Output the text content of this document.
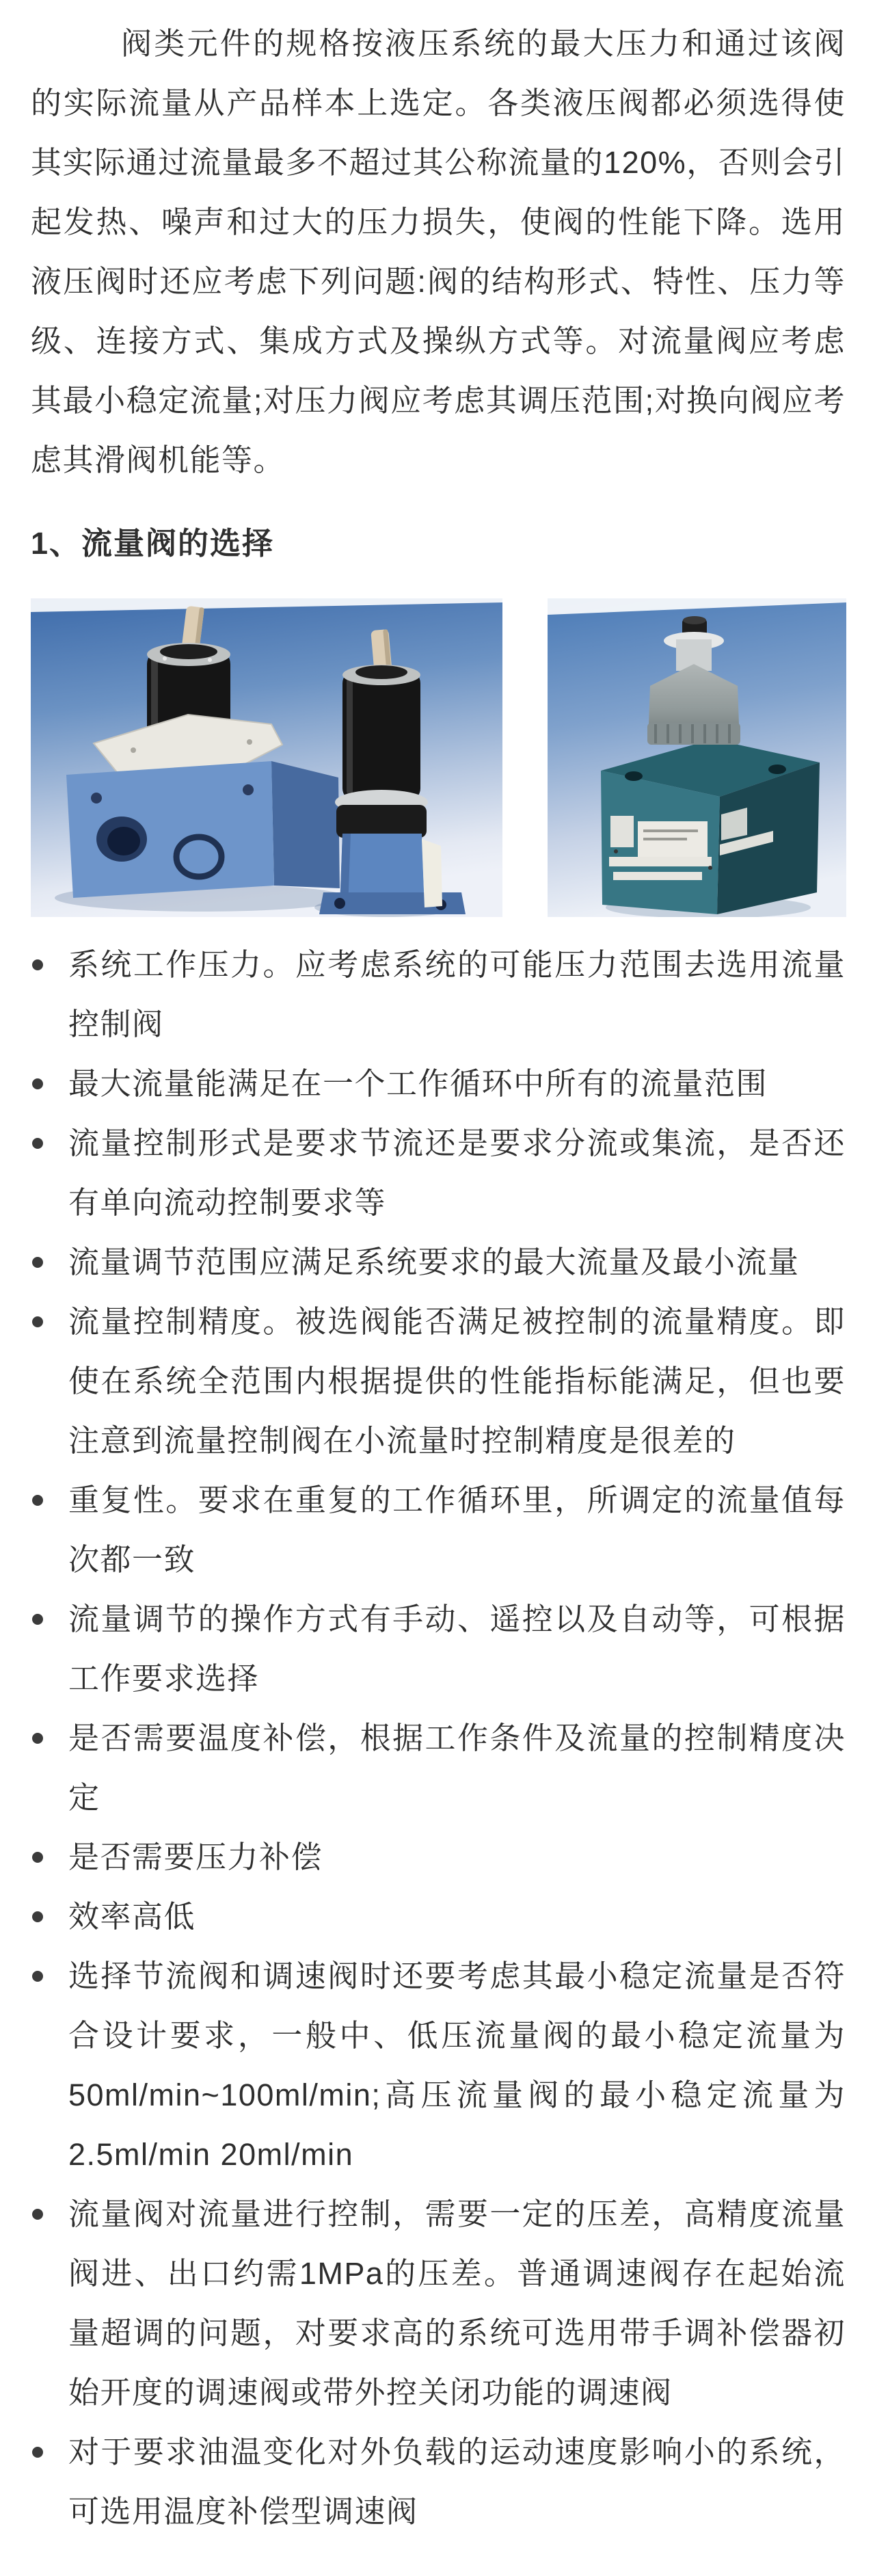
阀类元件的规格按液压系统的最大压力和通过该阀的实际流量从产品样本上选定。各类液压阀都必须选得使其实际通过流量最多不超过其公称流量的120%，否则会引起发热、噪声和过大的压力损失，使阀的性能下降。选用液压阀时还应考虑下列问题:阀的结构形式、特性、压力等级、连接方式、集成方式及操纵方式等。对流量阀应考虑其最小稳定流量;对压力阀应考虑其调压范围;对换向阀应考虑其滑阀机能等。

1、流量阀的选择
系统工作压力。应考虑系统的可能压力范围去选用流量控制阀
最大流量能满足在一个工作循环中所有的流量范围
流量控制形式是要求节流还是要求分流或集流，是否还有单向流动控制要求等
流量调节范围应满足系统要求的最大流量及最小流量
流量控制精度。被选阀能否满足被控制的流量精度。即使在系统全范围内根据提供的性能指标能满足，但也要注意到流量控制阀在小流量时控制精度是很差的
重复性。要求在重复的工作循环里，所调定的流量值每次都一致
流量调节的操作方式有手动、遥控以及自动等，可根据工作要求选择
是否需要温度补偿，根据工作条件及流量的控制精度决定
是否需要压力补偿
效率高低
选择节流阀和调速阀时还要考虑其最小稳定流量是否符合设计要求，一般中、低压流量阀的最小稳定流量为50ml/min~100ml/min;高压流量阀的最小稳定流量为2.5ml/min 20ml/min
流量阀对流量进行控制，需要一定的压差，高精度流量阀进、出口约需1MPa的压差。普通调速阀存在起始流量超调的问题，对要求高的系统可选用带手调补偿器初始开度的调速阀或带外控关闭功能的调速阀
对于要求油温变化对外负载的运动速度影响小的系统，可选用温度补偿型调速阀
